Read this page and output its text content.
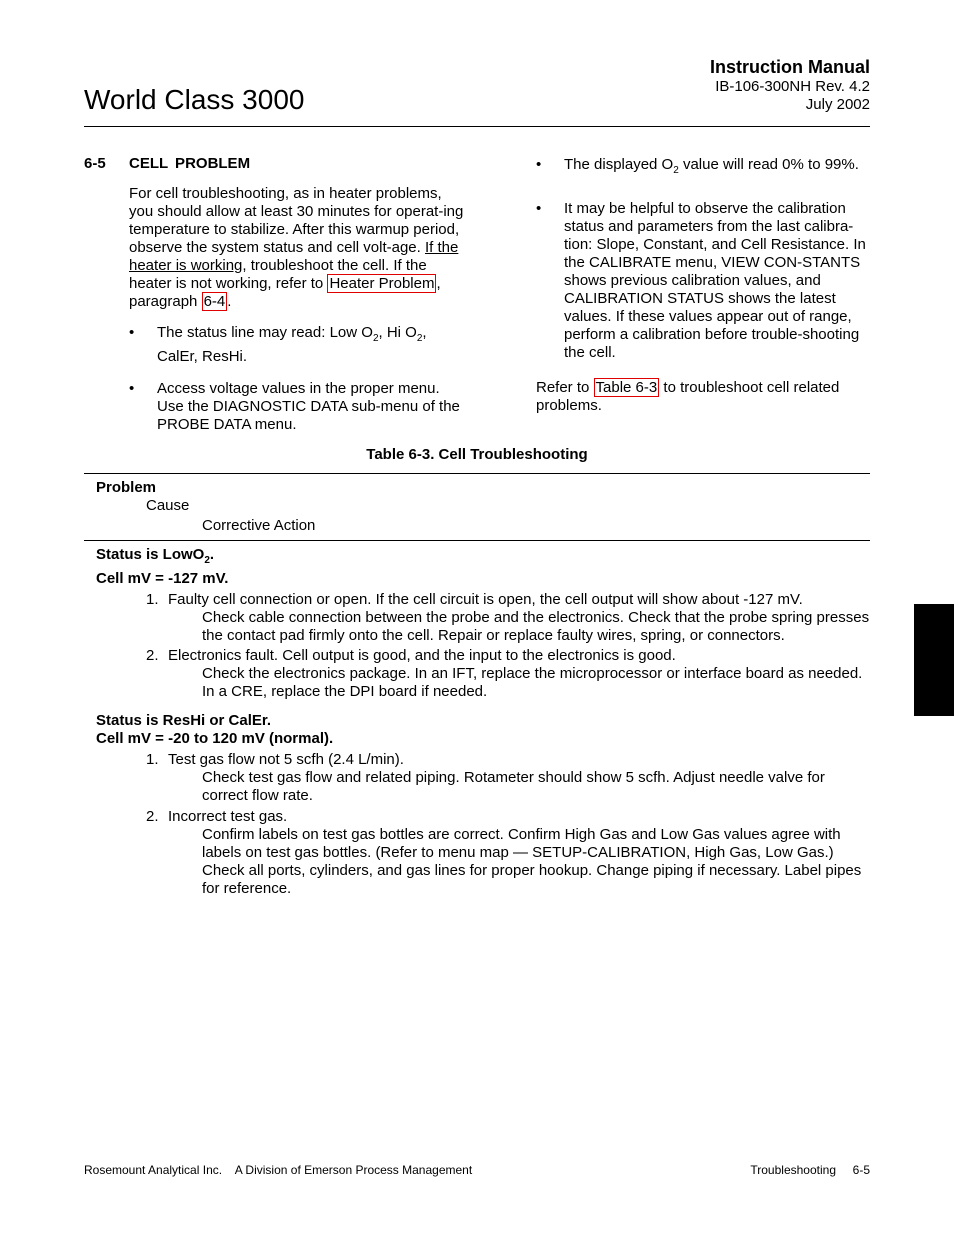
World Class 3000
Instruction Manual
IB-106-300NH Rev. 4.2
July 2002
6-5 CELL PROBLEM

For cell troubleshooting, as in heater problems, you should allow at least 30 minutes for operat-ing temperature to stabilize. After this warmup period, observe the system status and cell volt-age. If the heater is working, troubleshoot the cell. If the heater is not working, refer to Heater Problem , paragraph 6-4 .

• The status line may read: Low $O_2$, Hi $O_2$, CalEr, ResHi.
• Access voltage values in the proper menu. Use the DIAGNOSTIC DATA sub-menu of the PROBE DATA menu.
• The displayed $O_2$ value will read 0% to 99%.
• It may be helpful to observe the calibration status and parameters from the last calibra-tion: Slope, Constant, and Cell Resistance. In the CALIBRATE menu, VIEW CON-STANTS shows previous calibration values, and CALIBRATION STATUS shows the latest values. If these values appear out of range, perform a calibration before trouble-shooting the cell.

Refer to Table 6-3 to troubleshoot cell related problems.

Table 6-3. Cell Troubleshooting
Problem
Cause
Corrective Action
Status is LowO$_2$.
Cell mV = -127 mV.
1. Faulty cell connection or open. If the cell circuit is open, the cell output will show about -127 mV.
Check cable connection between the probe and the electronics. Check that the probe spring presses the contact pad firmly onto the cell. Repair or replace faulty wires, spring, or connectors.
2. Electronics fault. Cell output is good, and the input to the electronics is good.
Check the electronics package. In an IFT, replace the microprocessor or interface board as needed. In a CRE, replace the DPI board if needed.
Status is ResHi or CalEr.
Cell mV = -20 to 120 mV (normal).
1. Test gas flow not 5 scfh (2.4 L/min).
Check test gas flow and related piping. Rotameter should show 5 scfh. Adjust needle valve for correct flow rate.
2. Incorrect test gas.
Confirm labels on test gas bottles are correct. Confirm High Gas and Low Gas values agree with labels on test gas bottles. (Refer to menu map — SETUP-CALIBRATION, High Gas, Low Gas.) Check all ports, cylinders, and gas lines for proper hookup. Change piping if necessary. Label pipes for reference.
Rosemount Analytical Inc.    A Division of Emerson Process Management	Troubleshooting     6-5
